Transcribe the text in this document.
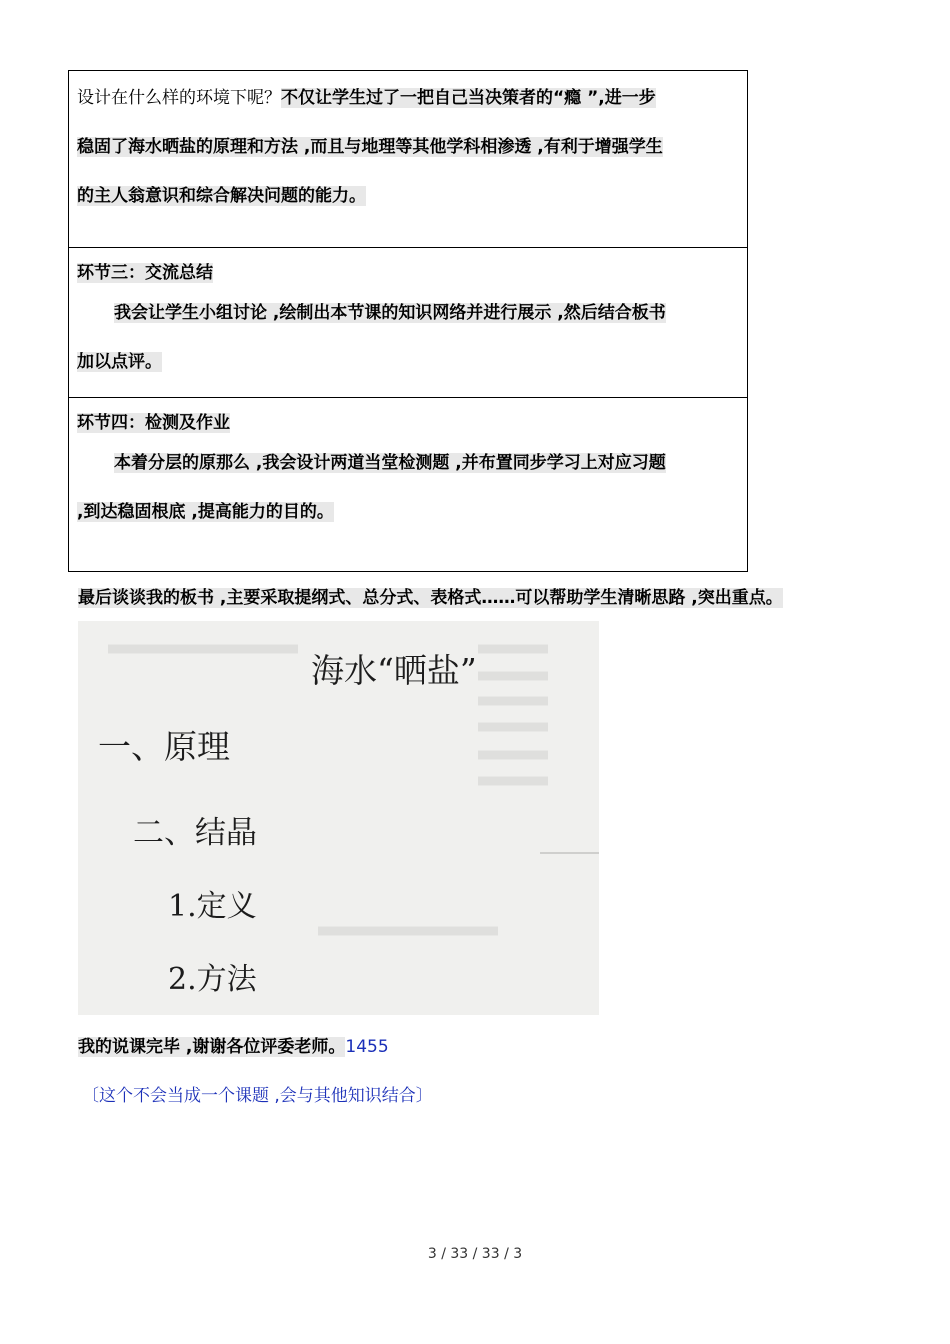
设计在什么样的环境下呢？不仅让学生过了一把自己当决策者的“瘾 ”,进一步
稳固了海水晒盐的原理和方法 ,而且与地理等其他学科相渗透 ,有利于增强学生
的主人翁意识和综合解决问题的能力。
环节三：交流总结
我会让学生小组讨论 ,绘制出本节课的知识网络并进行展示 ,然后结合板书
加以点评。
环节四：检测及作业
本着分层的原那么 ,我会设计两道当堂检测题 ,并布置同步学习上对应习题
,到达稳固根底 ,提高能力的目的。
最后谈谈我的板书 ,主要采取提纲式、总分式、表格式……可以帮助学生清晰思路 ,突出重点。
海水“晒盐”
一、原理
二、结晶
1.定义
2.方法
我的说课完毕 ,谢谢各位评委老师。1455
〔这个不会当成一个课题 ,会与其他知识结合〕
3 / 33 / 33 / 3
